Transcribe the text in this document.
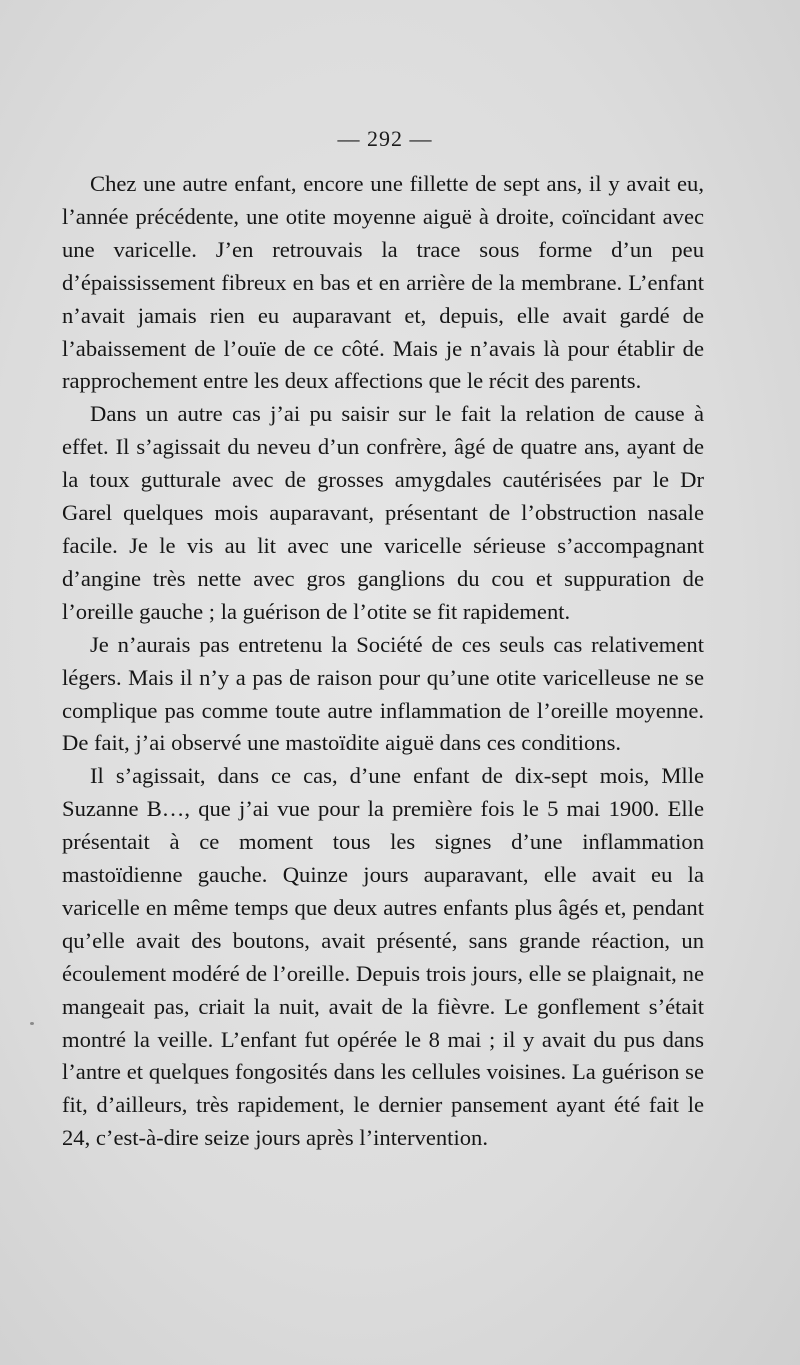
— 292 —

Chez une autre enfant, encore une fillette de sept ans, il y avait eu, l’année précédente, une otite moyenne aiguë à droite, coïncidant avec une varicelle. J’en retrouvais la trace sous forme d’un peu d’épaississement fibreux en bas et en arrière de la membrane. L’enfant n’avait jamais rien eu auparavant et, depuis, elle avait gardé de l’abaissement de l’ouïe de ce côté. Mais je n’avais là pour établir de rapprochement entre les deux affections que le récit des parents.

Dans un autre cas j’ai pu saisir sur le fait la relation de cause à effet. Il s’agissait du neveu d’un confrère, âgé de quatre ans, ayant de la toux gutturale avec de grosses amygdales cautérisées par le Dr Garel quelques mois auparavant, présentant de l’obstruction nasale facile. Je le vis au lit avec une varicelle sérieuse s’accompagnant d’angine très nette avec gros ganglions du cou et suppuration de l’oreille gauche ; la guérison de l’otite se fit rapidement.

Je n’aurais pas entretenu la Société de ces seuls cas relativement légers. Mais il n’y a pas de raison pour qu’une otite varicelleuse ne se complique pas comme toute autre inflammation de l’oreille moyenne. De fait, j’ai observé une mastoïdite aiguë dans ces conditions.

Il s’agissait, dans ce cas, d’une enfant de dix-sept mois, Mlle Suzanne B…, que j’ai vue pour la première fois le 5 mai 1900. Elle présentait à ce moment tous les signes d’une inflammation mastoïdienne gauche. Quinze jours auparavant, elle avait eu la varicelle en même temps que deux autres enfants plus âgés et, pendant qu’elle avait des boutons, avait présenté, sans grande réaction, un écoulement modéré de l’oreille. Depuis trois jours, elle se plaignait, ne mangeait pas, criait la nuit, avait de la fièvre. Le gonflement s’était montré la veille. L’enfant fut opérée le 8 mai ; il y avait du pus dans l’antre et quelques fongosités dans les cellules voisines. La guérison se fit, d’ailleurs, très rapidement, le dernier pansement ayant été fait le 24, c’est-à-dire seize jours après l’intervention.
